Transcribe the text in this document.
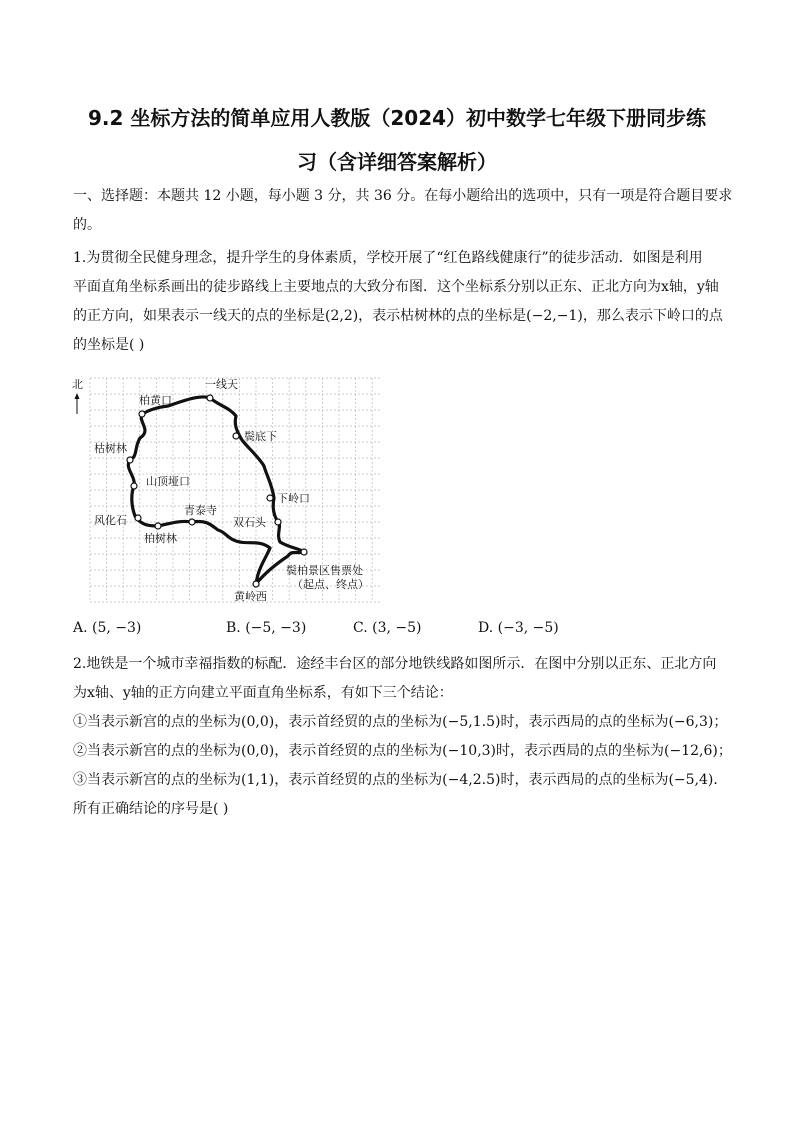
9.2 坐标方法的简单应用人教版（2024）初中数学七年级下册同步练
习（含详细答案解析）
一、选择题：本题共 12 小题，每小题 3 分，共 36 分。在每小题给出的选项中，只有一项是符合题目要求
的。
1.为贯彻全民健身理念，提升学生的身体素质，学校开展了“红色路线健康行”的徒步活动．如图是利用
平面直角坐标系画出的徒步路线上主要地点的大致分布图．这个坐标系分别以正东、正北方向为x轴，y轴
的正方向，如果表示一线天的点的坐标是(2,2)，表示枯树林的点的坐标是(−2,−1)，那么表示下岭口的点
的坐标是( )
北	一线天
柏黄口
鬓底下
枯树林
山顶垭口
下岭口
青泰寺
风化石	双石头
柏树林
鬓柏景区售票处
（起点、终点）
黄岭西
A. (5, −3)	B. (−5, −3)	C. (3, −5)	D. (−3, −5)
2.地铁是一个城市幸福指数的标配．途经丰台区的部分地铁线路如图所示．在图中分别以正东、正北方向
为x轴、y轴的正方向建立平面直角坐标系，有如下三个结论：
①当表示新宫的点的坐标为(0,0)，表示首经贸的点的坐标为(−5,1.5)时，表示西局的点的坐标为(−6,3)；
②当表示新宫的点的坐标为(0,0)，表示首经贸的点的坐标为(−10,3)时，表示西局的点的坐标为(−12,6)；
③当表示新宫的点的坐标为(1,1)，表示首经贸的点的坐标为(−4,2.5)时，表示西局的点的坐标为(−5,4)．
所有正确结论的序号是( )
